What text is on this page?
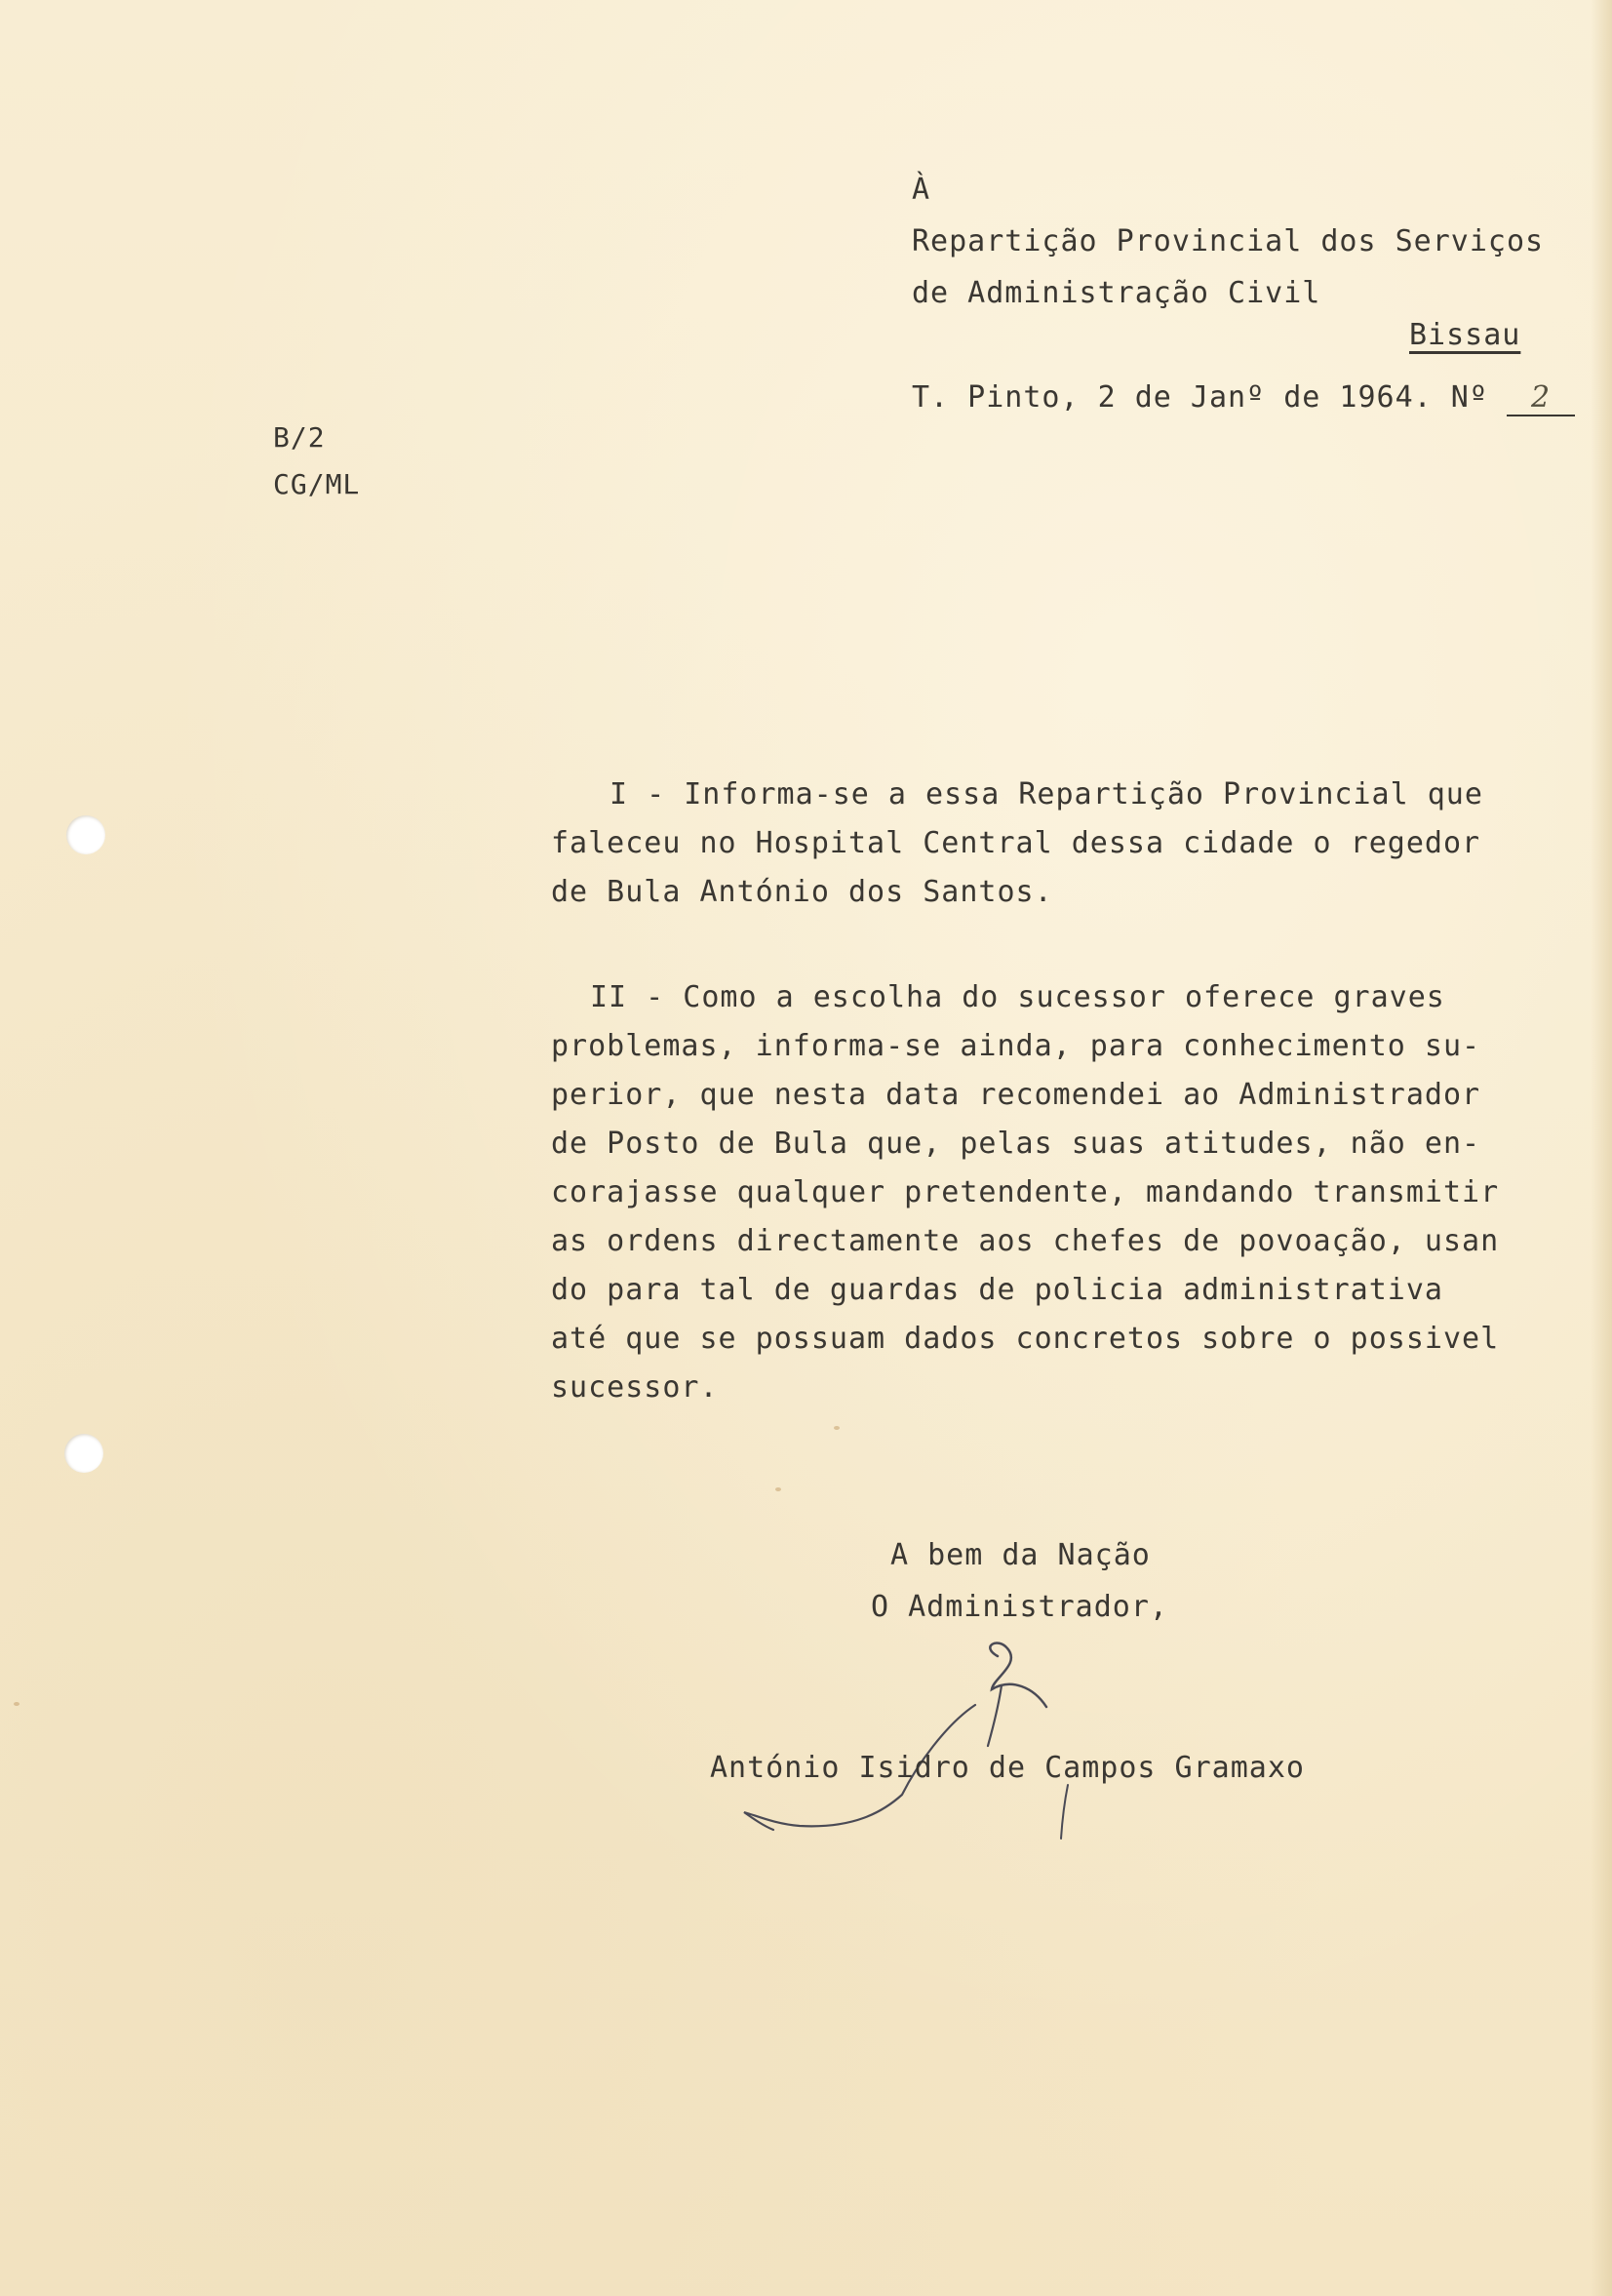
À
Repartição Provincial dos Serviços
de Administração Civil
Bissau
T. Pinto, 2 de Janº de 1964. Nº 2
B/2
CG/ML
I - Informa-se a essa Repartição Provincial que
faleceu no Hospital Central dessa cidade o regedor
de Bula António dos Santos.
II - Como a escolha do sucessor oferece graves
problemas, informa-se ainda, para conhecimento su-
perior, que nesta data recomendei ao Administrador
de Posto de Bula que, pelas suas atitudes, não en-
corajasse qualquer pretendente, mandando transmitir
as ordens directamente aos chefes de povoação, usan
do para tal de guardas de policia administrativa
até que se possuam dados concretos sobre o possivel
sucessor.
A bem da Nação
O Administrador,
António Isidro de Campos Gramaxo
